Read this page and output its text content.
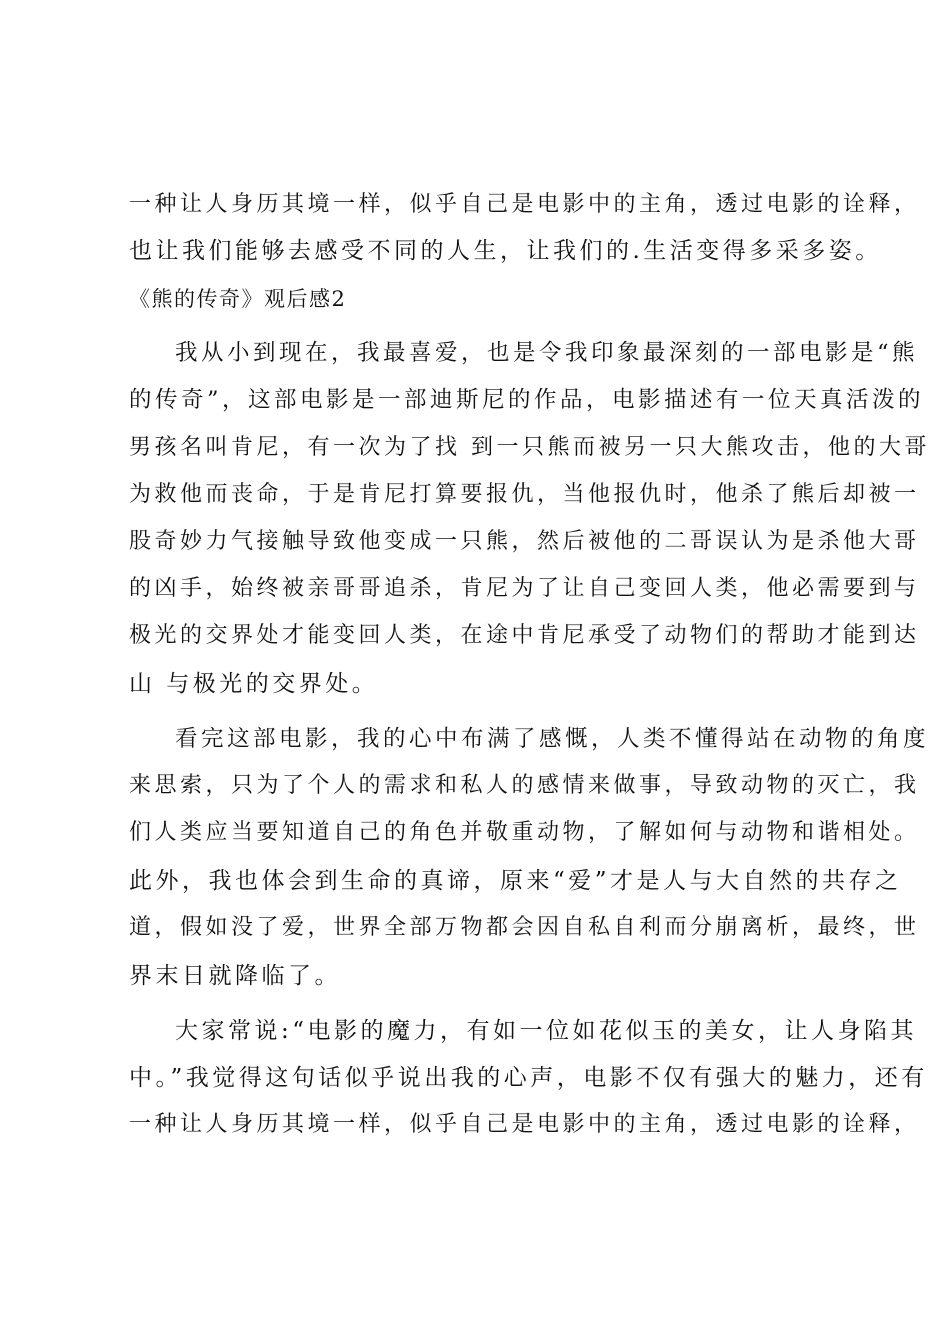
一种让人身历其境一样，似乎自己是电影中的主角，透过电影的诠释，
也让我们能够去感受不同的人生，让我们的.生活变得多采多姿。
《熊的传奇》观后感2
我从小到现在，我最喜爱，也是令我印象最深刻的一部电影是“熊
的传奇”，这部电影是一部迪斯尼的作品，电影描述有一位天真活泼的
男孩名叫肯尼，有一次为了找 到一只熊而被另一只大熊攻击，他的大哥
为救他而丧命，于是肯尼打算要报仇，当他报仇时，他杀了熊后却被一
股奇妙力气接触导致他变成一只熊，然后被他的二哥误认为是杀他大哥
的凶手，始终被亲哥哥追杀，肯尼为了让自己变回人类，他必需要到与
极光的交界处才能变回人类，在途中肯尼承受了动物们的帮助才能到达
山 与极光的交界处。
看完这部电影，我的心中布满了感慨，人类不懂得站在动物的角度
来思索，只为了个人的需求和私人的感情来做事，导致动物的灭亡，我
们人类应当要知道自己的角色并敬重动物，了解如何与动物和谐相处。
此外，我也体会到生命的真谛，原来“爱”才是人与大自然的共存之
道，假如没了爱，世界全部万物都会因自私自利而分崩离析，最终，世
界末日就降临了。
大家常说:“电影的魔力，有如一位如花似玉的美女，让人身陷其
中。”我觉得这句话似乎说出我的心声，电影不仅有强大的魅力，还有
一种让人身历其境一样，似乎自己是电影中的主角，透过电影的诠释，
